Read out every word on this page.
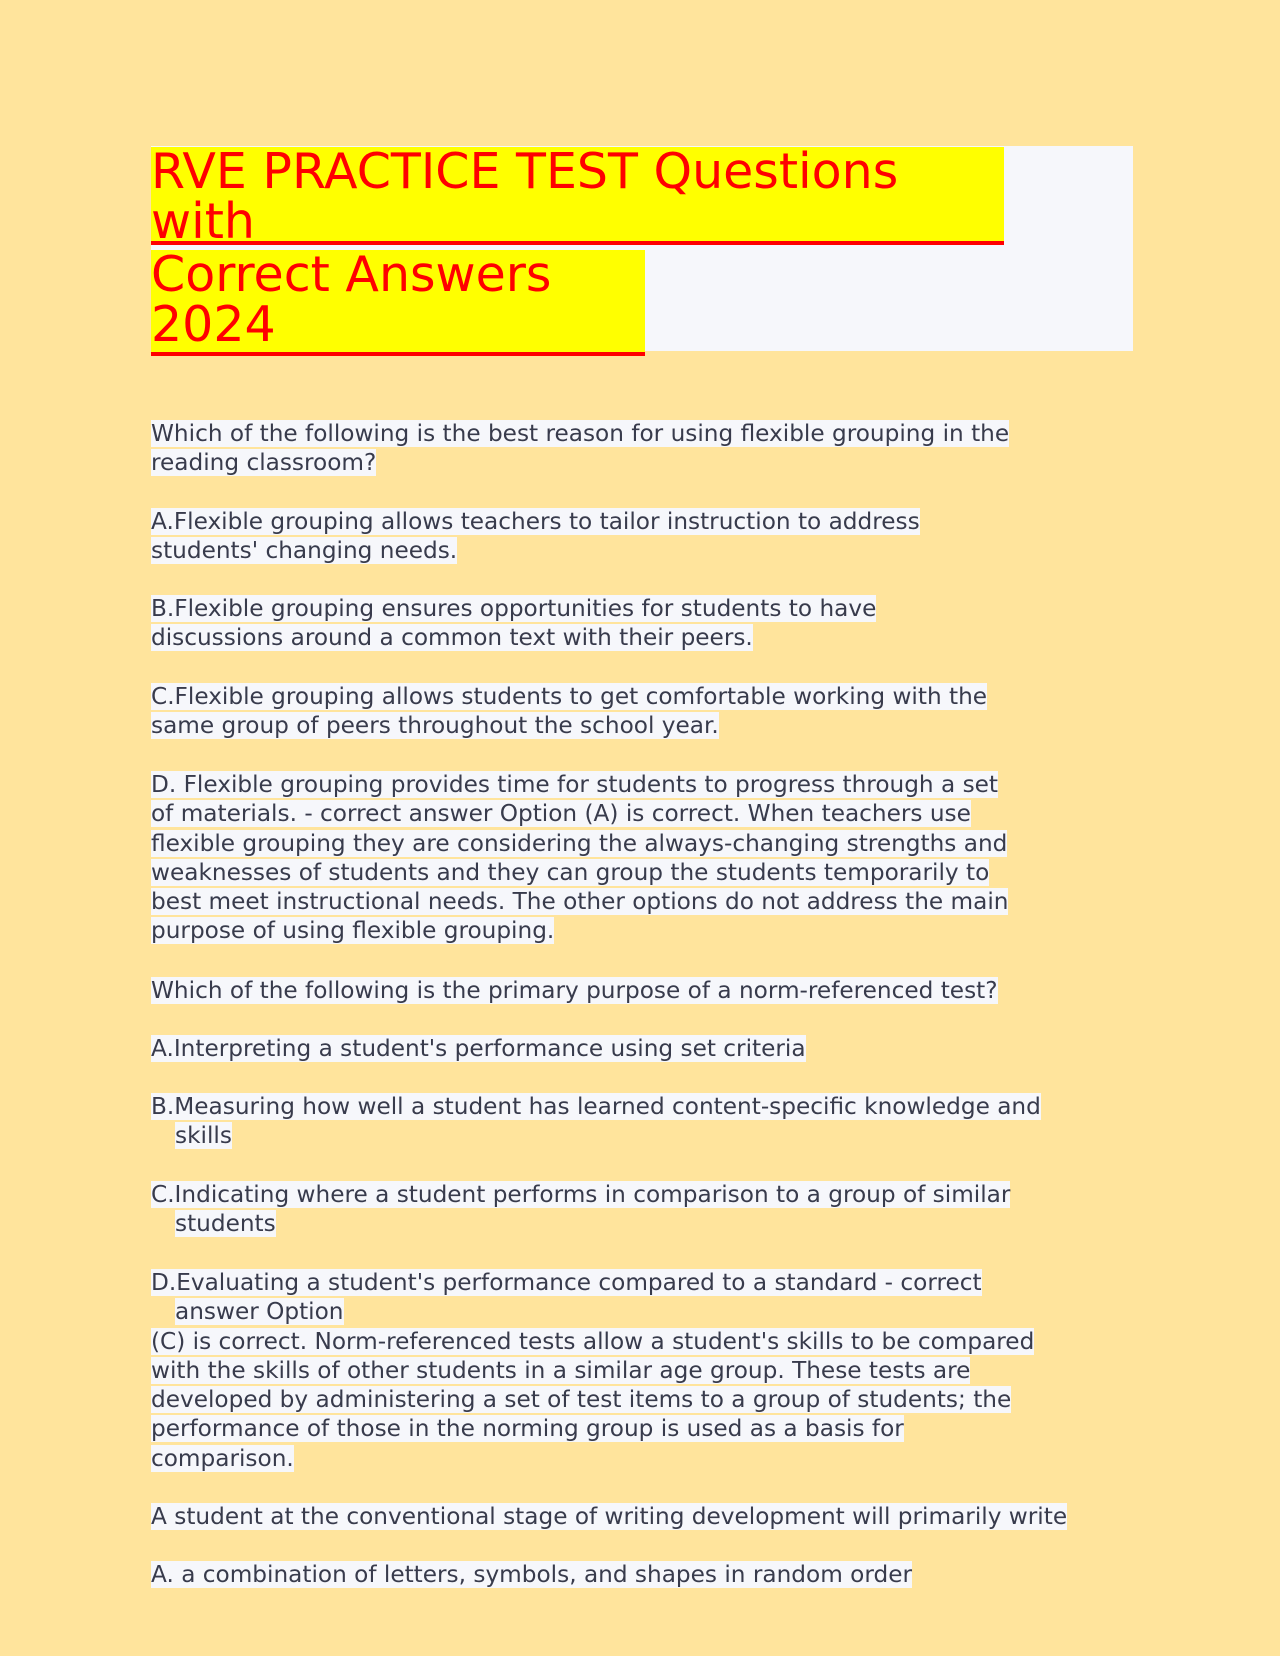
RVE PRACTICE TEST Questions
with
Correct Answers
2024
Which of the following is the best reason for using flexible grouping in the
reading classroom?
A.Flexible grouping allows teachers to tailor instruction to address
students' changing needs.
B.Flexible grouping ensures opportunities for students to have
discussions around a common text with their peers.
C.Flexible grouping allows students to get comfortable working with the
same group of peers throughout the school year.
D. Flexible grouping provides time for students to progress through a set
of materials. - correct answer Option (A) is correct. When teachers use
flexible grouping they are considering the always-changing strengths and
weaknesses of students and they can group the students temporarily to
best meet instructional needs. The other options do not address the main
purpose of using flexible grouping.
Which of the following is the primary purpose of a norm-referenced test?
A.Interpreting a student's performance using set criteria
B.Measuring how well a student has learned content-specific knowledge and
skills
C.Indicating where a student performs in comparison to a group of similar
students
D.Evaluating a student's performance compared to a standard - correct
answer Option
(C) is correct. Norm-referenced tests allow a student's skills to be compared
with the skills of other students in a similar age group. These tests are
developed by administering a set of test items to a group of students; the
performance of those in the norming group is used as a basis for
comparison.
A student at the conventional stage of writing development will primarily write
A. a combination of letters, symbols, and shapes in random order
